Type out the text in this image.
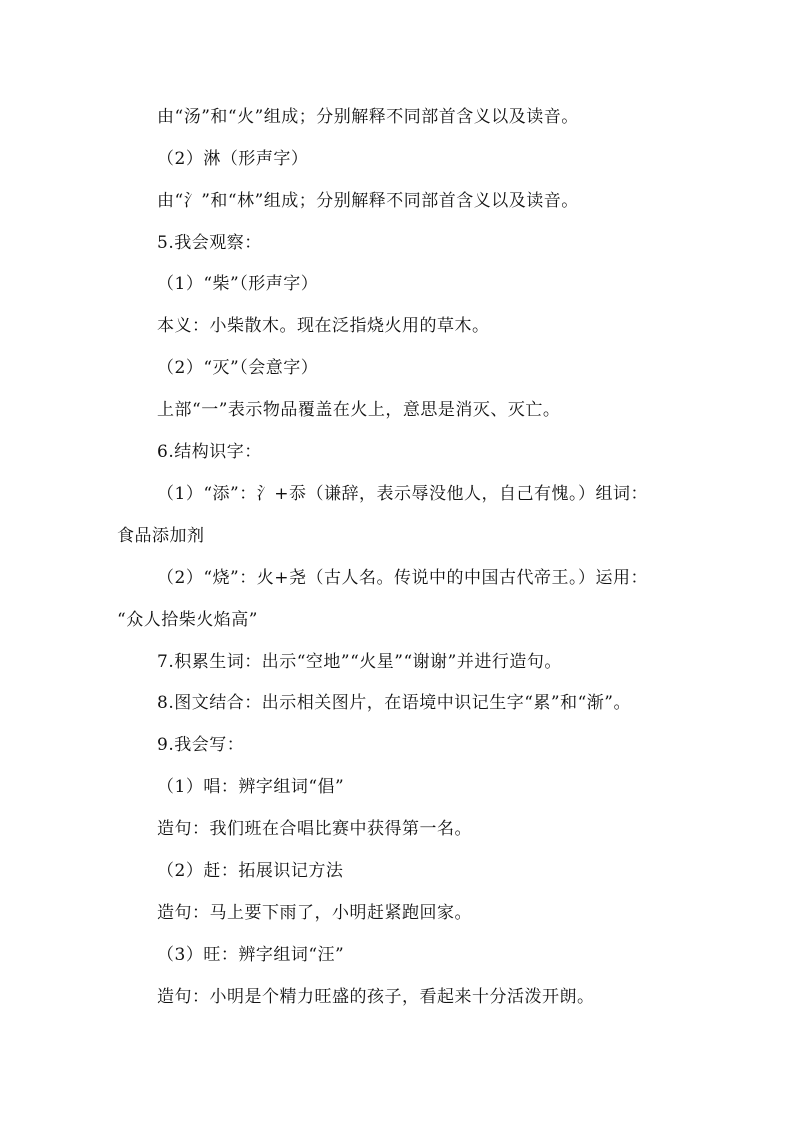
由“汤”和“火”组成；分别解释不同部首含义以及读音。
（2）淋（形声字）
由“氵”和“林”组成；分别解释不同部首含义以及读音。
5.我会观察：
（1）“柴”（形声字）
本义：小柴散木。现在泛指烧火用的草木。
（2）“灭”（会意字）
上部“一”表示物品覆盖在火上，意思是消灭、灭亡。
6.结构识字：
（1）“添”：氵+忝（谦辞，表示辱没他人，自己有愧。）组词：
食品添加剂
（2）“烧”：火+尧（古人名。传说中的中国古代帝王。）运用：
“众人拾柴火焰高”
7.积累生词：出示“空地”“火星”“谢谢”并进行造句。
8.图文结合：出示相关图片，在语境中识记生字“累”和“渐”。
9.我会写：
（1）唱：辨字组词“倡”
造句：我们班在合唱比赛中获得第一名。
（2）赶：拓展识记方法
造句：马上要下雨了，小明赶紧跑回家。
（3）旺：辨字组词“汪”
造句：小明是个精力旺盛的孩子，看起来十分活泼开朗。
